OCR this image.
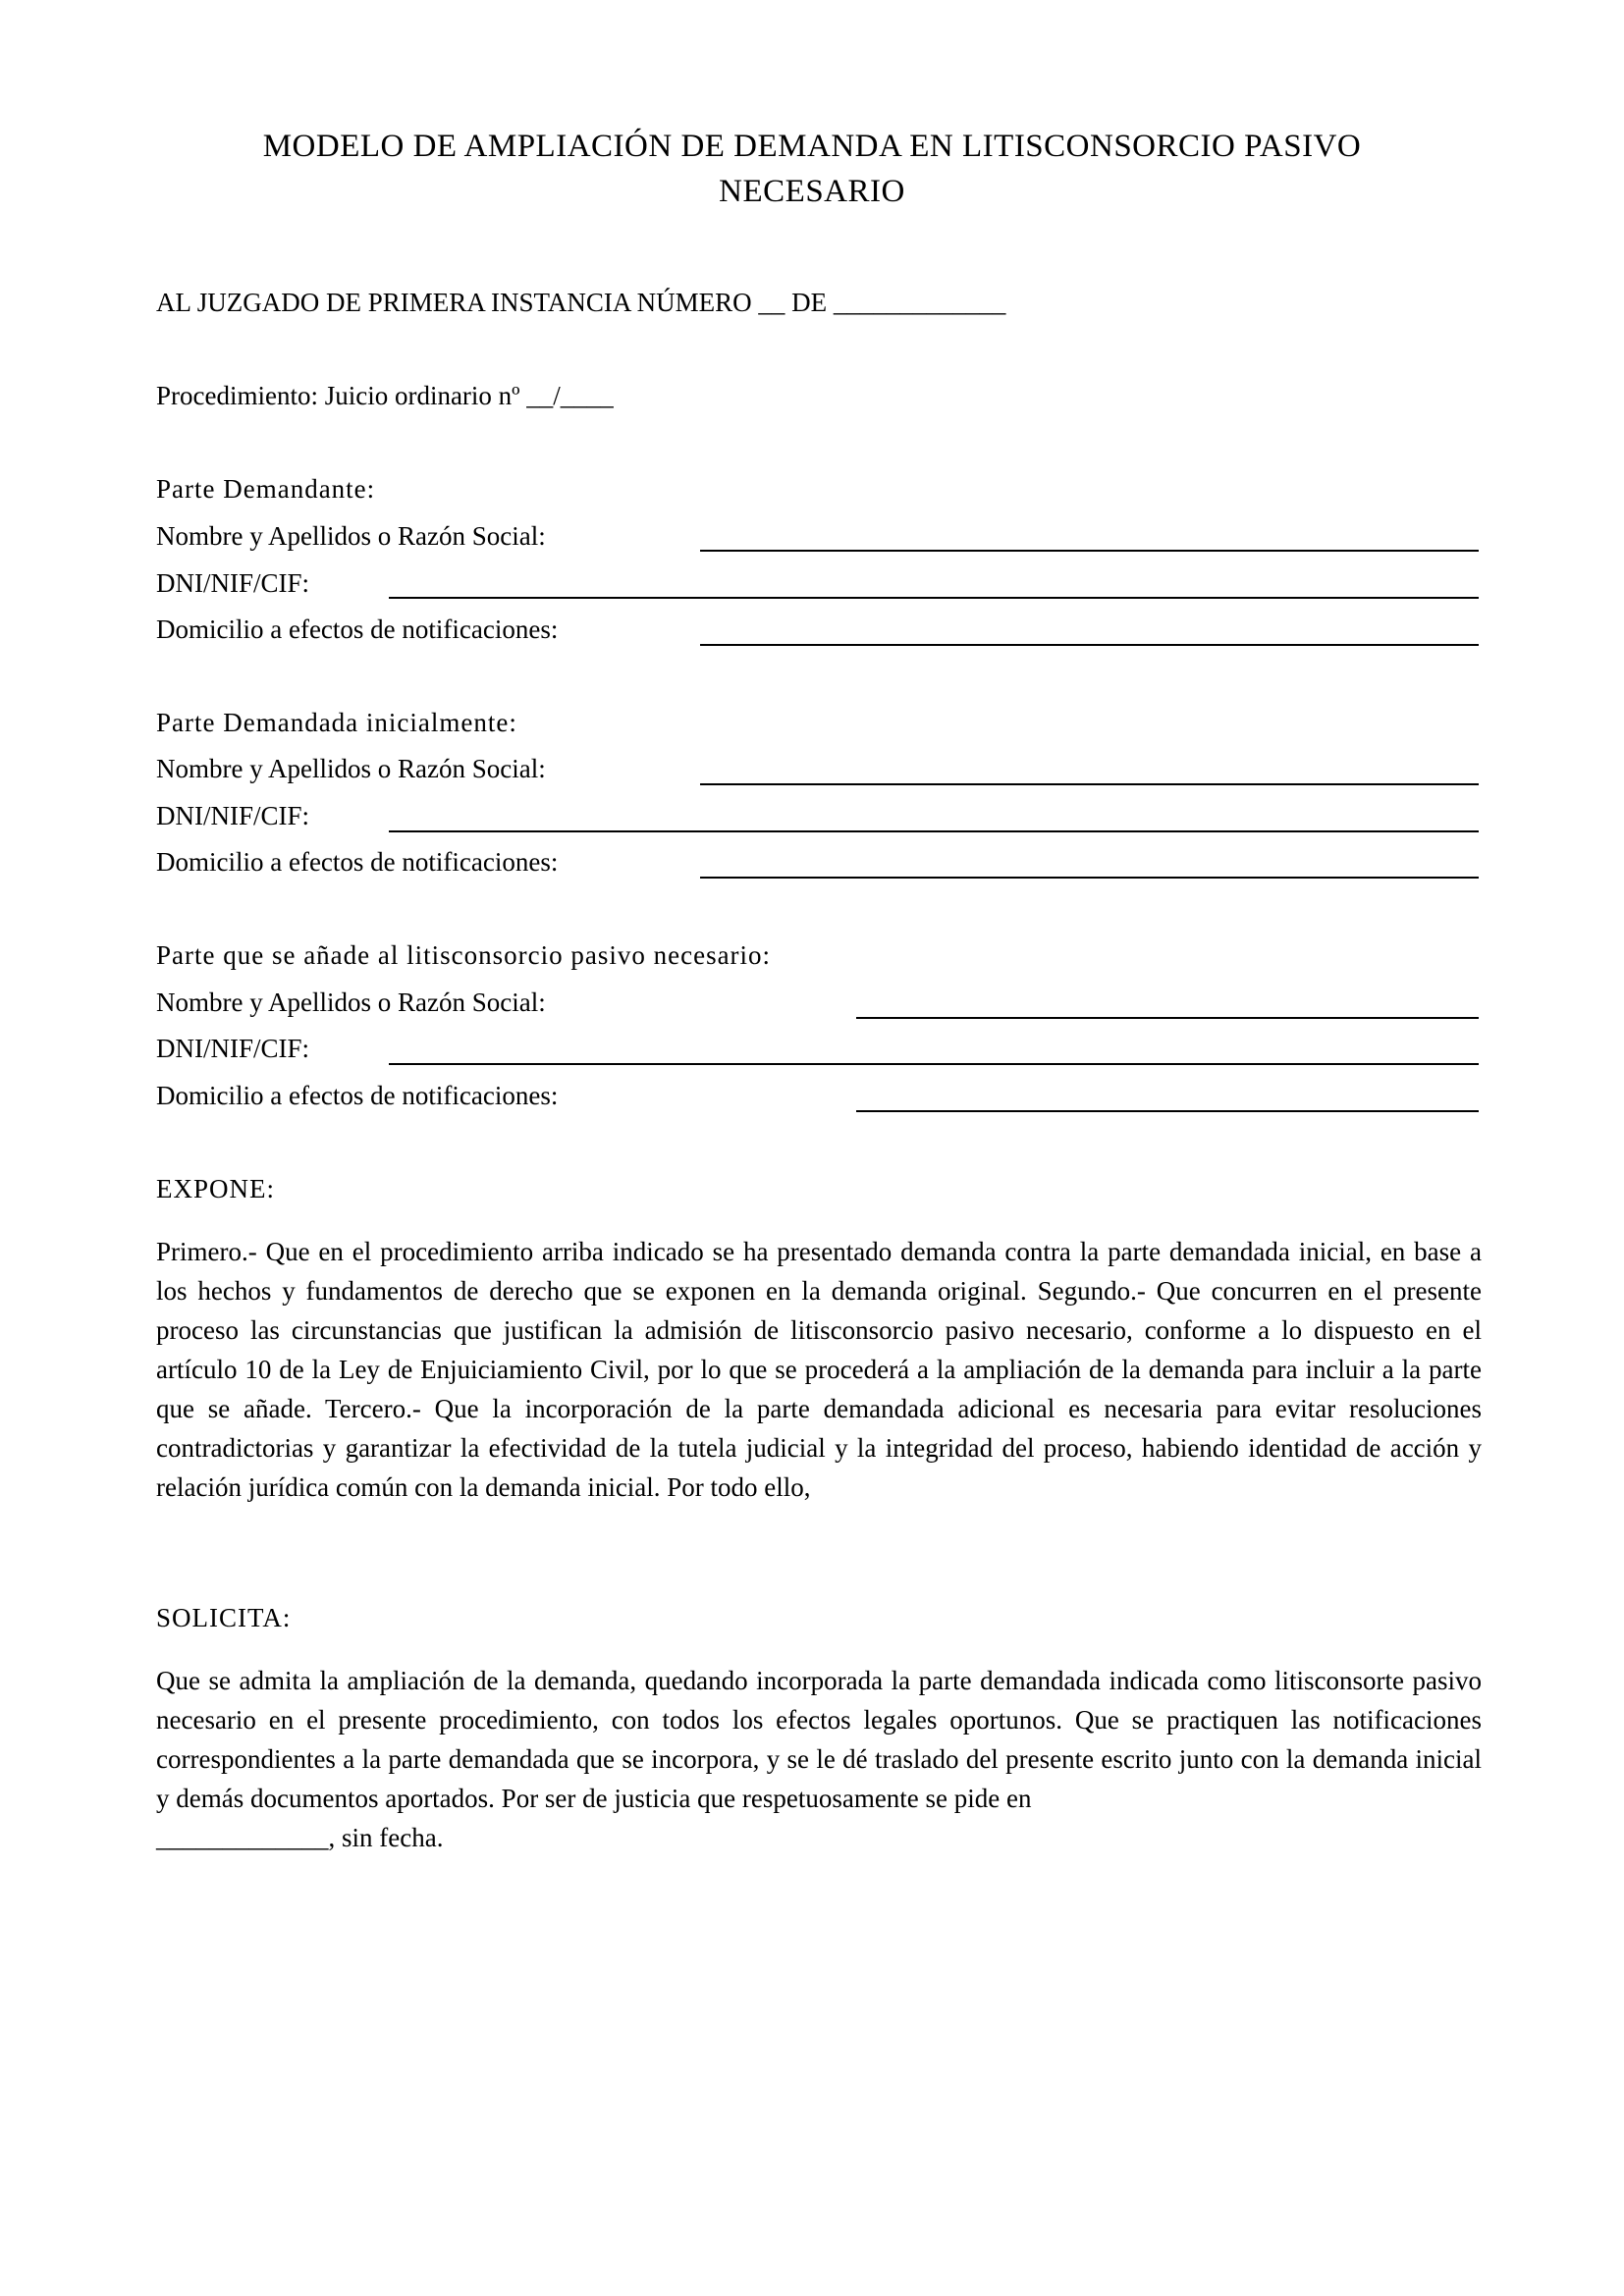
MODELO DE AMPLIACIÓN DE DEMANDA EN LITISCONSORCIO PASIVO
NECESARIO
AL JUZGADO DE PRIMERA INSTANCIA NÚMERO __ DE _____________
Procedimiento: Juicio ordinario nº __/____
Parte Demandante:
Nombre y Apellidos o Razón Social:
DNI/NIF/CIF:
Domicilio a efectos de notificaciones:
Parte Demandada inicialmente:
Nombre y Apellidos o Razón Social:
DNI/NIF/CIF:
Domicilio a efectos de notificaciones:
Parte que se añade al litisconsorcio pasivo necesario:
Nombre y Apellidos o Razón Social:
DNI/NIF/CIF:
Domicilio a efectos de notificaciones:
EXPONE:
Primero.- Que en el procedimiento arriba indicado se ha presentado demanda contra la parte demandada inicial, en base a los hechos y fundamentos de derecho que se exponen en la demanda original. Segundo.- Que concurren en el presente proceso las circunstancias que justifican la admisión de litisconsorcio pasivo necesario, conforme a lo dispuesto en el artículo 10 de la Ley de Enjuiciamiento Civil, por lo que se procederá a la ampliación de la demanda para incluir a la parte que se añade. Tercero.- Que la incorporación de la parte demandada adicional es necesaria para evitar resoluciones contradictorias y garantizar la efectividad de la tutela judicial y la integridad del proceso, habiendo identidad de acción y relación jurídica común con la demanda inicial. Por todo ello,
SOLICITA:
Que se admita la ampliación de la demanda, quedando incorporada la parte demandada indicada como litisconsorte pasivo necesario en el presente procedimiento, con todos los efectos legales oportunos. Que se practiquen las notificaciones correspondientes a la parte demandada que se incorpora, y se le dé traslado del presente escrito junto con la demanda inicial y demás documentos aportados. Por ser de justicia que respetuosamente se pide en
_____________, sin fecha.
